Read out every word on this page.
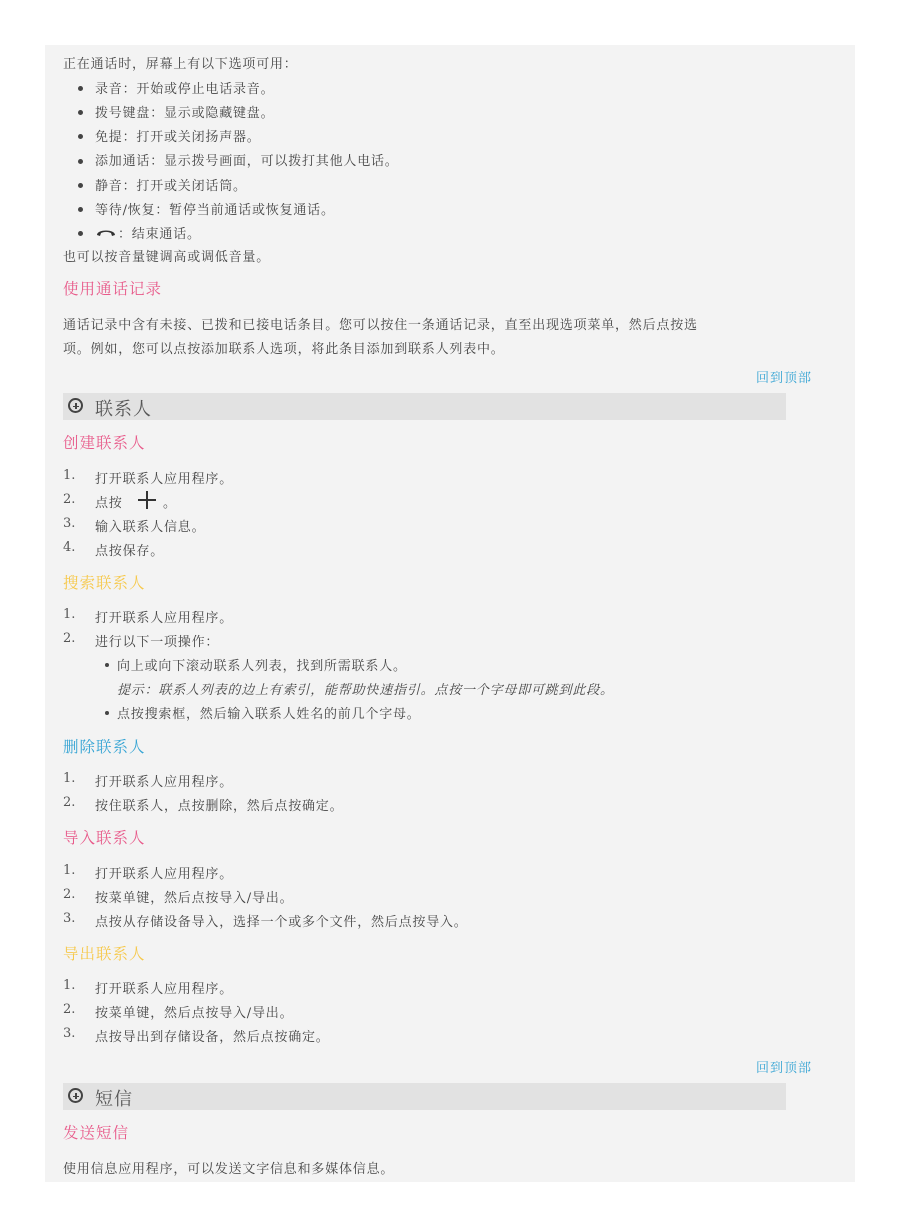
正在通话时，屏幕上有以下选项可用：
录音：开始或停止电话录音。
拨号键盘：显示或隐藏键盘。
免提：打开或关闭扬声器。
添加通话：显示拨号画面，可以拨打其他人电话。
静音：打开或关闭话筒。
等待/恢复：暂停当前通话或恢复通话。
：结束通话。
也可以按音量键调高或调低音量。
使用通话记录
通话记录中含有未接、已拨和已接电话条目。您可以按住一条通话记录，直至出现选项菜单，然后点按选
项。例如，您可以点按添加联系人选项，将此条目添加到联系人列表中。
回到顶部
联系人
创建联系人
1. 打开联系人应用程序。
2. 点按	。
3. 输入联系人信息。
4. 点按保存。
搜索联系人
1. 打开联系人应用程序。
2. 进行以下一项操作：
向上或向下滚动联系人列表，找到所需联系人。
提示：联系人列表的边上有索引，能帮助快速指引。点按一个字母即可跳到此段。
点按搜索框，然后输入联系人姓名的前几个字母。
删除联系人
1. 打开联系人应用程序。
2. 按住联系人，点按删除，然后点按确定。
导入联系人
1. 打开联系人应用程序。
2. 按菜单键，然后点按导入/导出。
3. 点按从存储设备导入，选择一个或多个文件，然后点按导入。
导出联系人
1. 打开联系人应用程序。
2. 按菜单键，然后点按导入/导出。
3. 点按导出到存储设备，然后点按确定。
回到顶部
短信
发送短信
使用信息应用程序，可以发送文字信息和多媒体信息。
